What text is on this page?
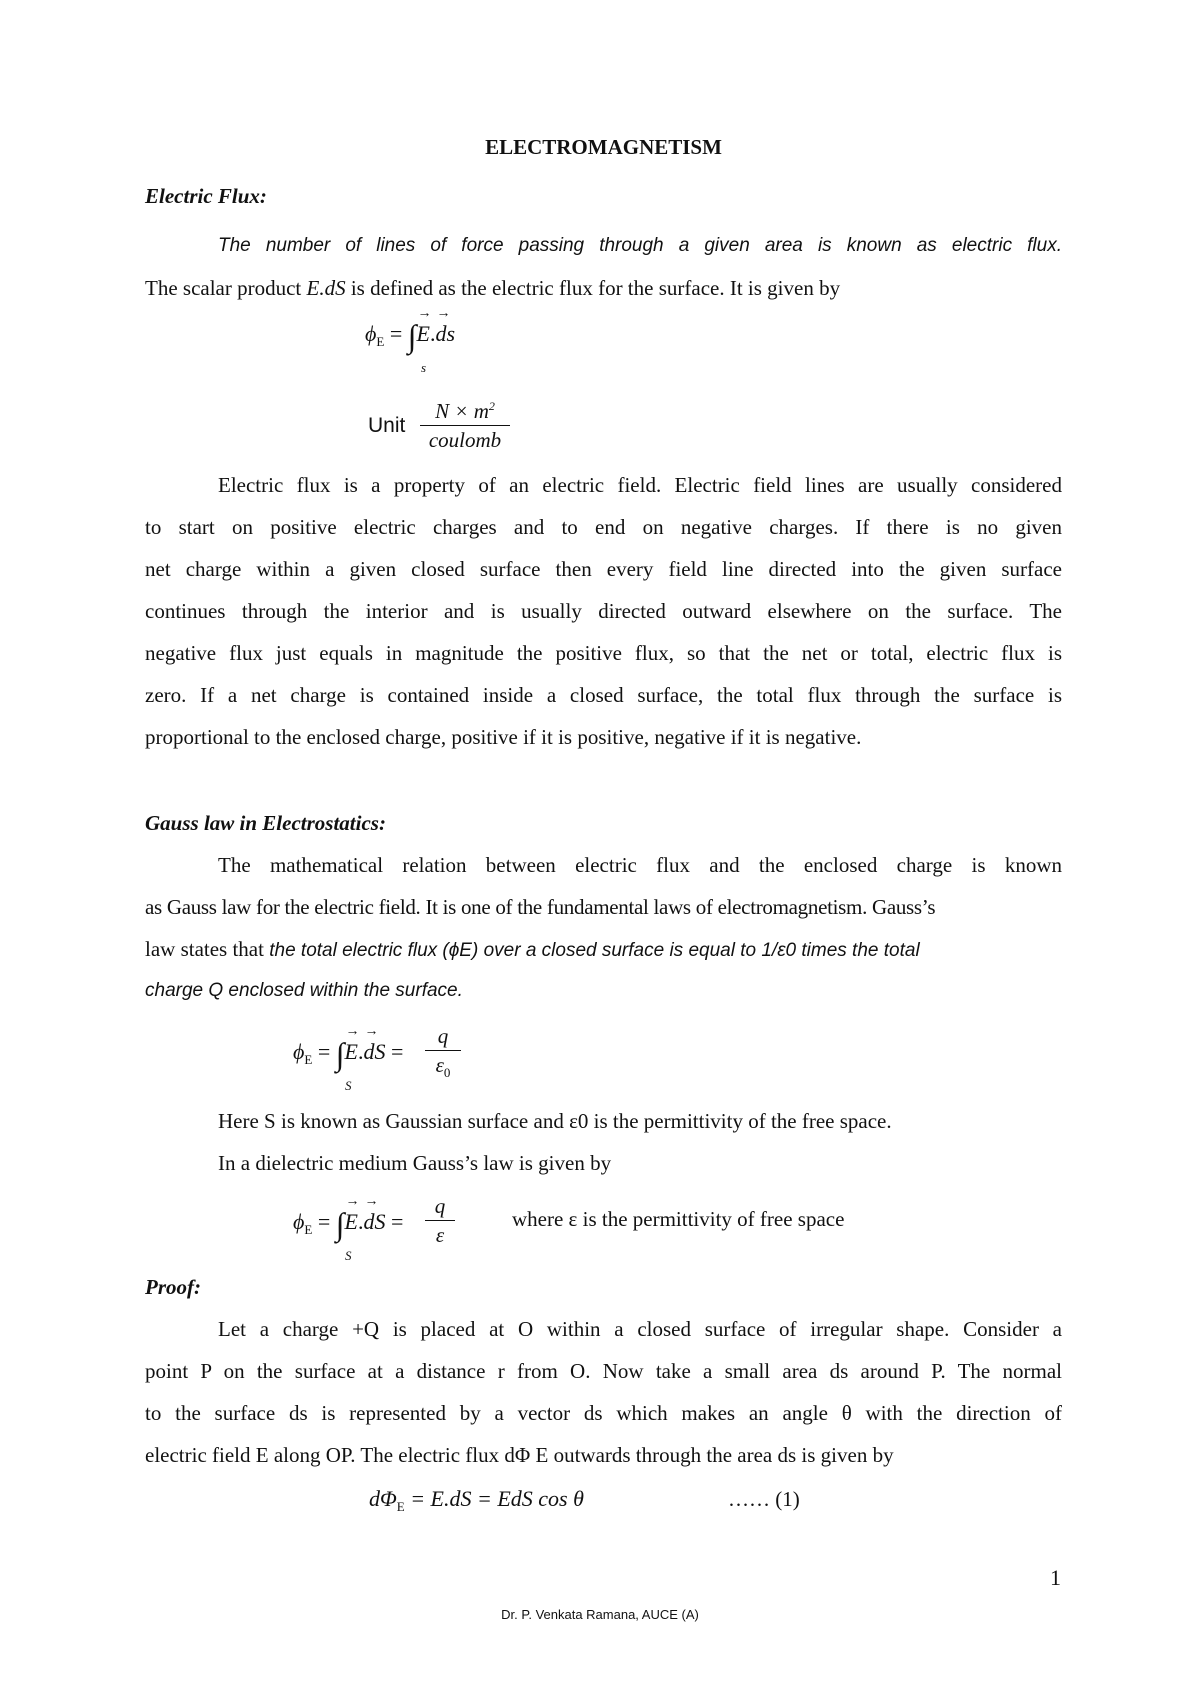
ELECTROMAGNETISM
Electric Flux:
The number of lines of force passing through a given area is known as electric flux.
The scalar product E.dS is defined as the electric flux for the surface. It is given by
$\phi_E$ = ∫→ E.→ ds
s
Unit
$N \times m^2$
coulomb
Electric flux is a property of an electric field. Electric field lines are usually considered
to start on positive electric charges and to end on negative charges. If there is no given
net charge within a given closed surface then every field line directed into the given surface
continues through the interior and is usually directed outward elsewhere on the surface. The
negative flux just equals in magnitude the positive flux, so that the net or total, electric flux is
zero. If a net charge is contained inside a closed surface, the total flux through the surface is
proportional to the enclosed charge, positive if it is positive, negative if it is negative.
Gauss law in Electrostatics:
The mathematical relation between electric flux and the enclosed charge is known
as Gauss law for the electric field. It is one of the fundamental laws of electromagnetism. Gauss’s
law states that the total electric flux (ϕE) over a closed surface is equal to 1/ε0 times the total
charge Q enclosed within the surface.
$\phi_E$ = ∫→ E.→ dS =
S
q
$\varepsilon_0$
Here S is known as Gaussian surface and ε0 is the permittivity of the free space.
In a dielectric medium Gauss’s law is given by
$\phi_E$ = ∫→ E.→ dS =
S
q
ε
where ε is the permittivity of free space
Proof:
Let a charge +Q is placed at O within a closed surface of irregular shape. Consider a
point P on the surface at a distance r from O. Now take a small area ds around P. The normal
to the surface ds is represented by a vector ds which makes an angle θ with the direction of
electric field E along OP. The electric flux dΦ E outwards through the area ds is given by
$d\Phi_E = E.dS$ = EdS cos θ	…… (1)
1
Dr. P. Venkata Ramana, AUCE (A)
